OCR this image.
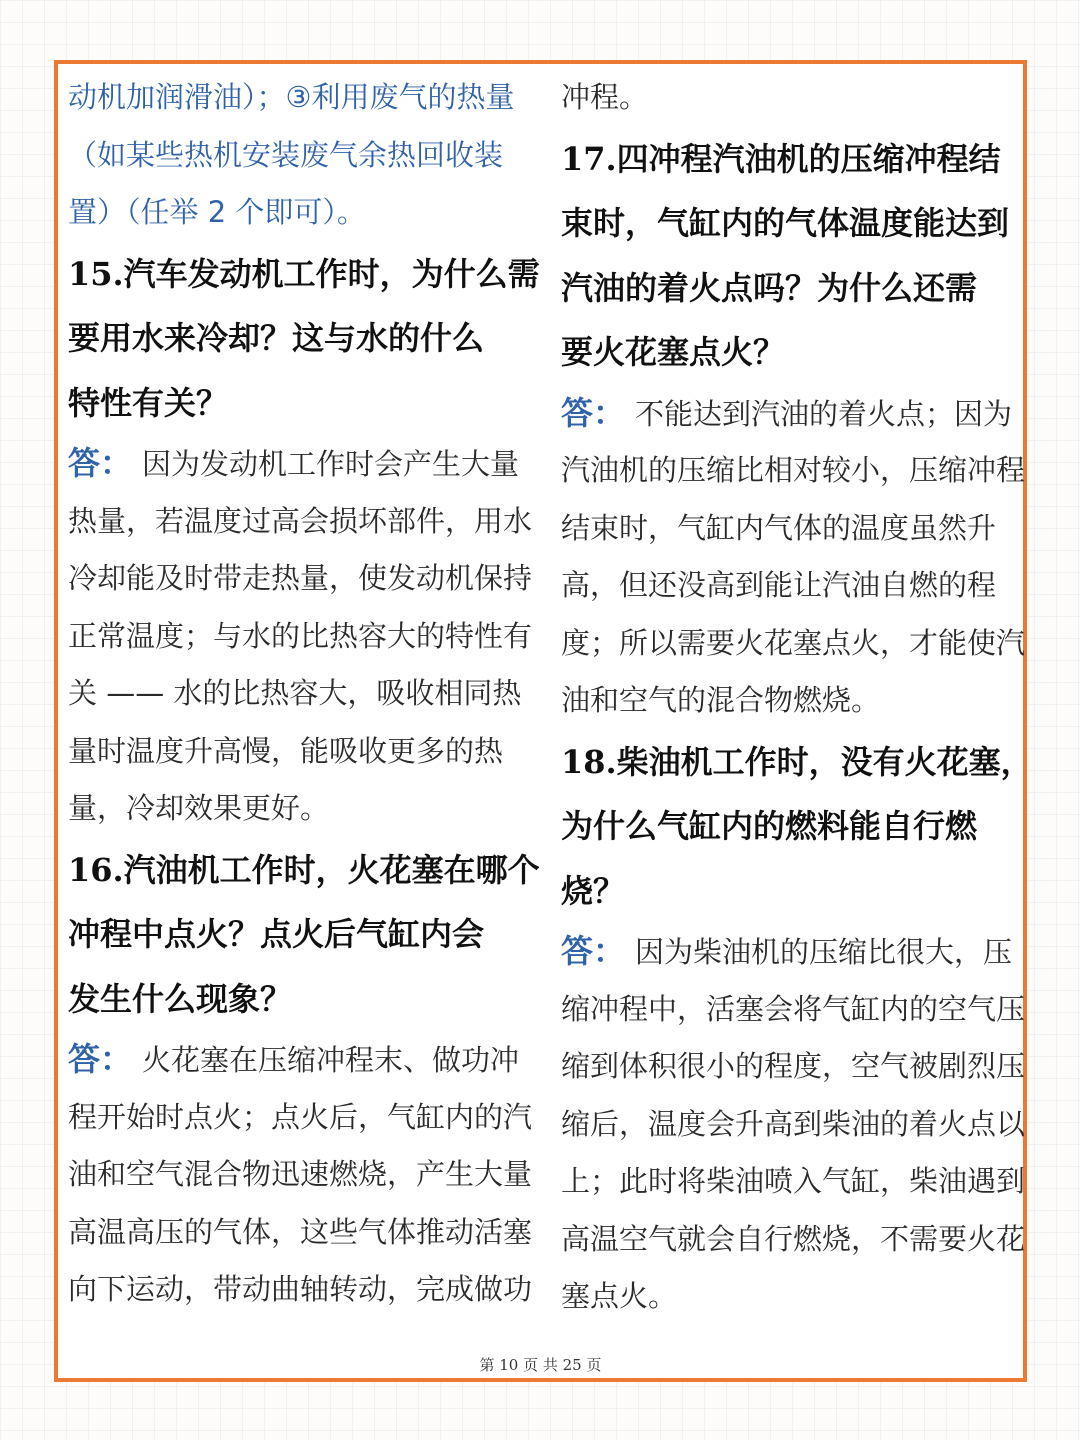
动机加润滑油）；③利用废气的热量
（如某些热机安装废气余热回收装
置）（任举 2 个即可）。
15.汽车发动机工作时，为什么需
要用水来冷却？这与水的什么
特性有关？
答： 因为发动机工作时会产生大量
热量，若温度过高会损坏部件，用水
冷却能及时带走热量，使发动机保持
正常温度；与水的比热容大的特性有
关 —— 水的比热容大，吸收相同热
量时温度升高慢，能吸收更多的热
量，冷却效果更好。
16.汽油机工作时，火花塞在哪个
冲程中点火？点火后气缸内会
发生什么现象？
答： 火花塞在压缩冲程末、做功冲
程开始时点火；点火后，气缸内的汽
油和空气混合物迅速燃烧，产生大量
高温高压的气体，这些气体推动活塞
向下运动，带动曲轴转动，完成做功
冲程。
17.四冲程汽油机的压缩冲程结
束时，气缸内的气体温度能达到
汽油的着火点吗？为什么还需
要火花塞点火？
答： 不能达到汽油的着火点；因为
汽油机的压缩比相对较小，压缩冲程
结束时，气缸内气体的温度虽然升
高，但还没高到能让汽油自燃的程
度；所以需要火花塞点火，才能使汽
油和空气的混合物燃烧。
18.柴油机工作时，没有火花塞，
为什么气缸内的燃料能自行燃
烧？
答： 因为柴油机的压缩比很大，压
缩冲程中，活塞会将气缸内的空气压
缩到体积很小的程度，空气被剧烈压
缩后，温度会升高到柴油的着火点以
上；此时将柴油喷入气缸，柴油遇到
高温空气就会自行燃烧，不需要火花
塞点火。
第 10 页 共 25 页
